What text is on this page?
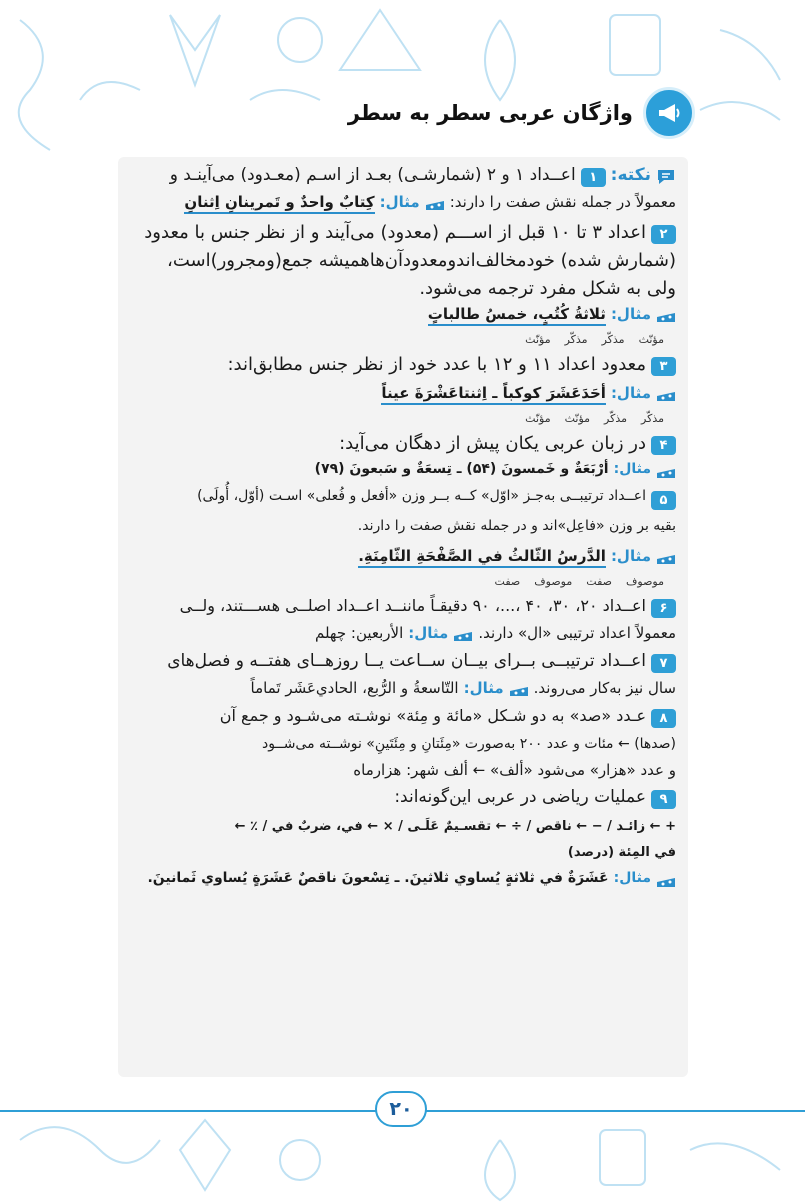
واژگان عربی سطر به سطر
نکته:
۱
اعــداد ۱ و ۲ (شمارشـی) بعـد از اسـم (معـدود) می‌آینـد و
معمولاً در جمله نقش صفت را دارند:
مثال:
كِتابٌ واحدٌ و تَمرينانِ اِثنانِ
۲
اعداد ۳ تا ۱۰ قبل از اســـم (معدود) می‌آیند و از نظر جنس با معدود
(شمارش شده) خودمخالف‌اندومعدودآن‌هاهمیشه جمع(ومجرور)است،
ولی به شکل مفرد ترجمه می‌شود.
مثال:
ثلاثةُ كُتُبٍ، خمسُ طالباتٍ
مؤنّث
مذکّر
مذکّر
مؤنّث
۳
معدود اعداد ۱۱ و ۱۲ با عدد خود از نظر جنس مطابق‌اند:
مثال:
أحَدَعَشَرَ كوكباً ـ اِثنتاعَشْرَةَ عيناً
مذکّر
مذکّر
مؤنّث
مؤنّث
۴
در زبان عربی یکان پیش از دهگان می‌آید:
مثال:
أرْبَعَةٌ و خَمسونَ (۵۴) ـ تِسعَةٌ و سَبعونَ (۷۹)
۵
اعــداد ترتیبــی به‌جـز «اوّل» کــه بــر وزن «أفعل و فُعلی» اسـت (أوّل، أُولَی)
بقیه بر وزن «فاعِل»اند و در جمله نقش صفت را دارند.
مثال:
الدَّرسُ الثّالثُ في الصَّفْحَةِ الثّامِنَةِ.
موصوف
صفت
موصوف
صفت
۶
اعــداد ۲۰، ۳۰، ۴۰ ،...، ۹۰ دقیقـاً ماننــد اعــداد اصلــی هســـتند، ولــی
معمولاً اعداد ترتیبی «ال» دارند.
مثال:
الأربعين: چهلم
۷
اعــداد ترتیبــی بــرای بیــان ســاعت یــا روزهــای هفتــه و فصل‌های
سال نیز به‌کار می‌روند.
مثال:
التّاسعةُ و الرُّبع، الحادي‌عَشَر تَماماً
۸
عـدد «صد» به دو شـکل «مائة و مِئة» نوشـته می‌شـود و جمع آن
(صدها) ← مئات و عدد ۲۰۰ به‌صورت «مِئَتانِ و مِئَتَينِ» نوشــته می‌شــود
و عدد «هزار» می‌شود «ألف» ← ألف شهر: هزارماه
۹
عملیات ریاضی در عربی این‌گونه‌اند:
+ ← زائـد / − ← ناقص / ÷ ← تقسـيمٌ عَلَـى / × ← في، ضربٌ في / ٪ ←
في المِئة (درصد)
مثال:
عَشَرَةٌ في ثلاثةٍ يُساوي ثلاثينَ. ـ تِسْعونَ ناقصٌ عَشَرَةٍ يُساوي ثَمانينَ.
۲۰
